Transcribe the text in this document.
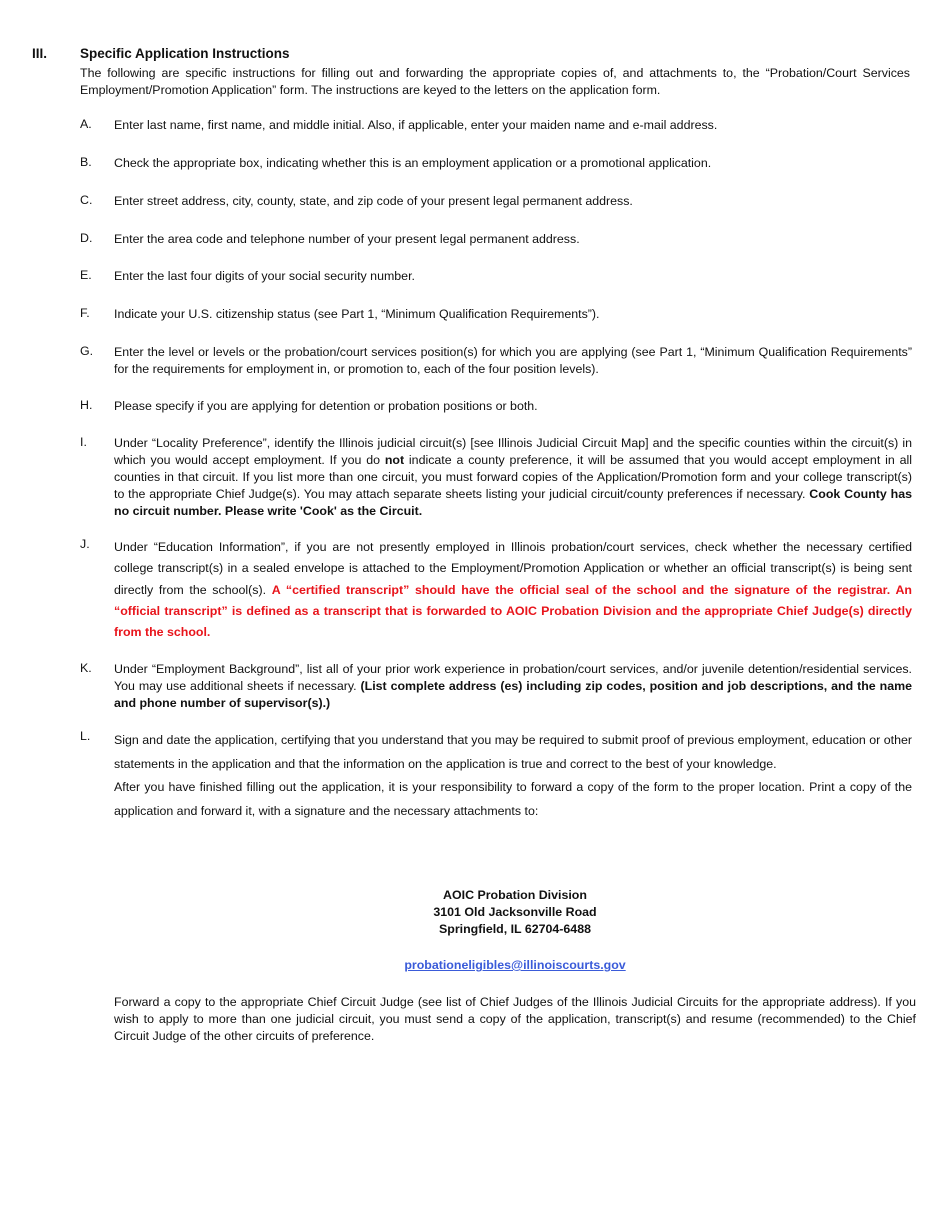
III. Specific Application Instructions
The following are specific instructions for filling out and forwarding the appropriate copies of, and attachments to, the “Probation/Court Services Employment/Promotion Application” form. The instructions are keyed to the letters on the application form.
A. Enter last name, first name, and middle initial. Also, if applicable, enter your maiden name and e-mail address.
B. Check the appropriate box, indicating whether this is an employment application or a promotional application.
C. Enter street address, city, county, state, and zip code of your present legal permanent address.
D. Enter the area code and telephone number of your present legal permanent address.
E. Enter the last four digits of your social security number.
F. Indicate your U.S. citizenship status (see Part 1, “Minimum Qualification Requirements”).
G. Enter the level or levels or the probation/court services position(s) for which you are applying (see Part 1, “Minimum Qualification Requirements” for the requirements for employment in, or promotion to, each of the four position levels).
H. Please specify if you are applying for detention or probation positions or both.
I. Under “Locality Preference”, identify the Illinois judicial circuit(s) [see Illinois Judicial Circuit Map] and the specific counties within the circuit(s) in which you would accept employment. If you do not indicate a county preference, it will be assumed that you would accept employment in all counties in that circuit. If you list more than one circuit, you must forward copies of the Application/Promotion form and your college transcript(s) to the appropriate Chief Judge(s). You may attach separate sheets listing your judicial circuit/county preferences if necessary. Cook County has no circuit number. Please write 'Cook' as the Circuit.
J. Under “Education Information”, if you are not presently employed in Illinois probation/court services, check whether the necessary certified college transcript(s) in a sealed envelope is attached to the Employment/Promotion Application or whether an official transcript(s) is being sent directly from the school(s). A “certified transcript” should have the official seal of the school and the signature of the registrar. An “official transcript” is defined as a transcript that is forwarded to AOIC Probation Division and the appropriate Chief Judge(s) directly from the school.
K. Under “Employment Background”, list all of your prior work experience in probation/court services, and/or juvenile detention/residential services. You may use additional sheets if necessary. (List complete address (es) including zip codes, position and job descriptions, and the name and phone number of supervisor(s).)
L. Sign and date the application, certifying that you understand that you may be required to submit proof of previous employment, education or other statements in the application and that the information on the application is true and correct to the best of your knowledge.
After you have finished filling out the application, it is your responsibility to forward a copy of the form to the proper location. Print a copy of the application and forward it, with a signature and the necessary attachments to:
AOIC Probation Division
3101 Old Jacksonville Road
Springfield, IL 62704-6488
probationeligibles@illinoiscourts.gov
Forward a copy to the appropriate Chief Circuit Judge (see list of Chief Judges of the Illinois Judicial Circuits for the appropriate address). If you wish to apply to more than one judicial circuit, you must send a copy of the application, transcript(s) and resume (recommended) to the Chief Circuit Judge of the other circuits of preference.
